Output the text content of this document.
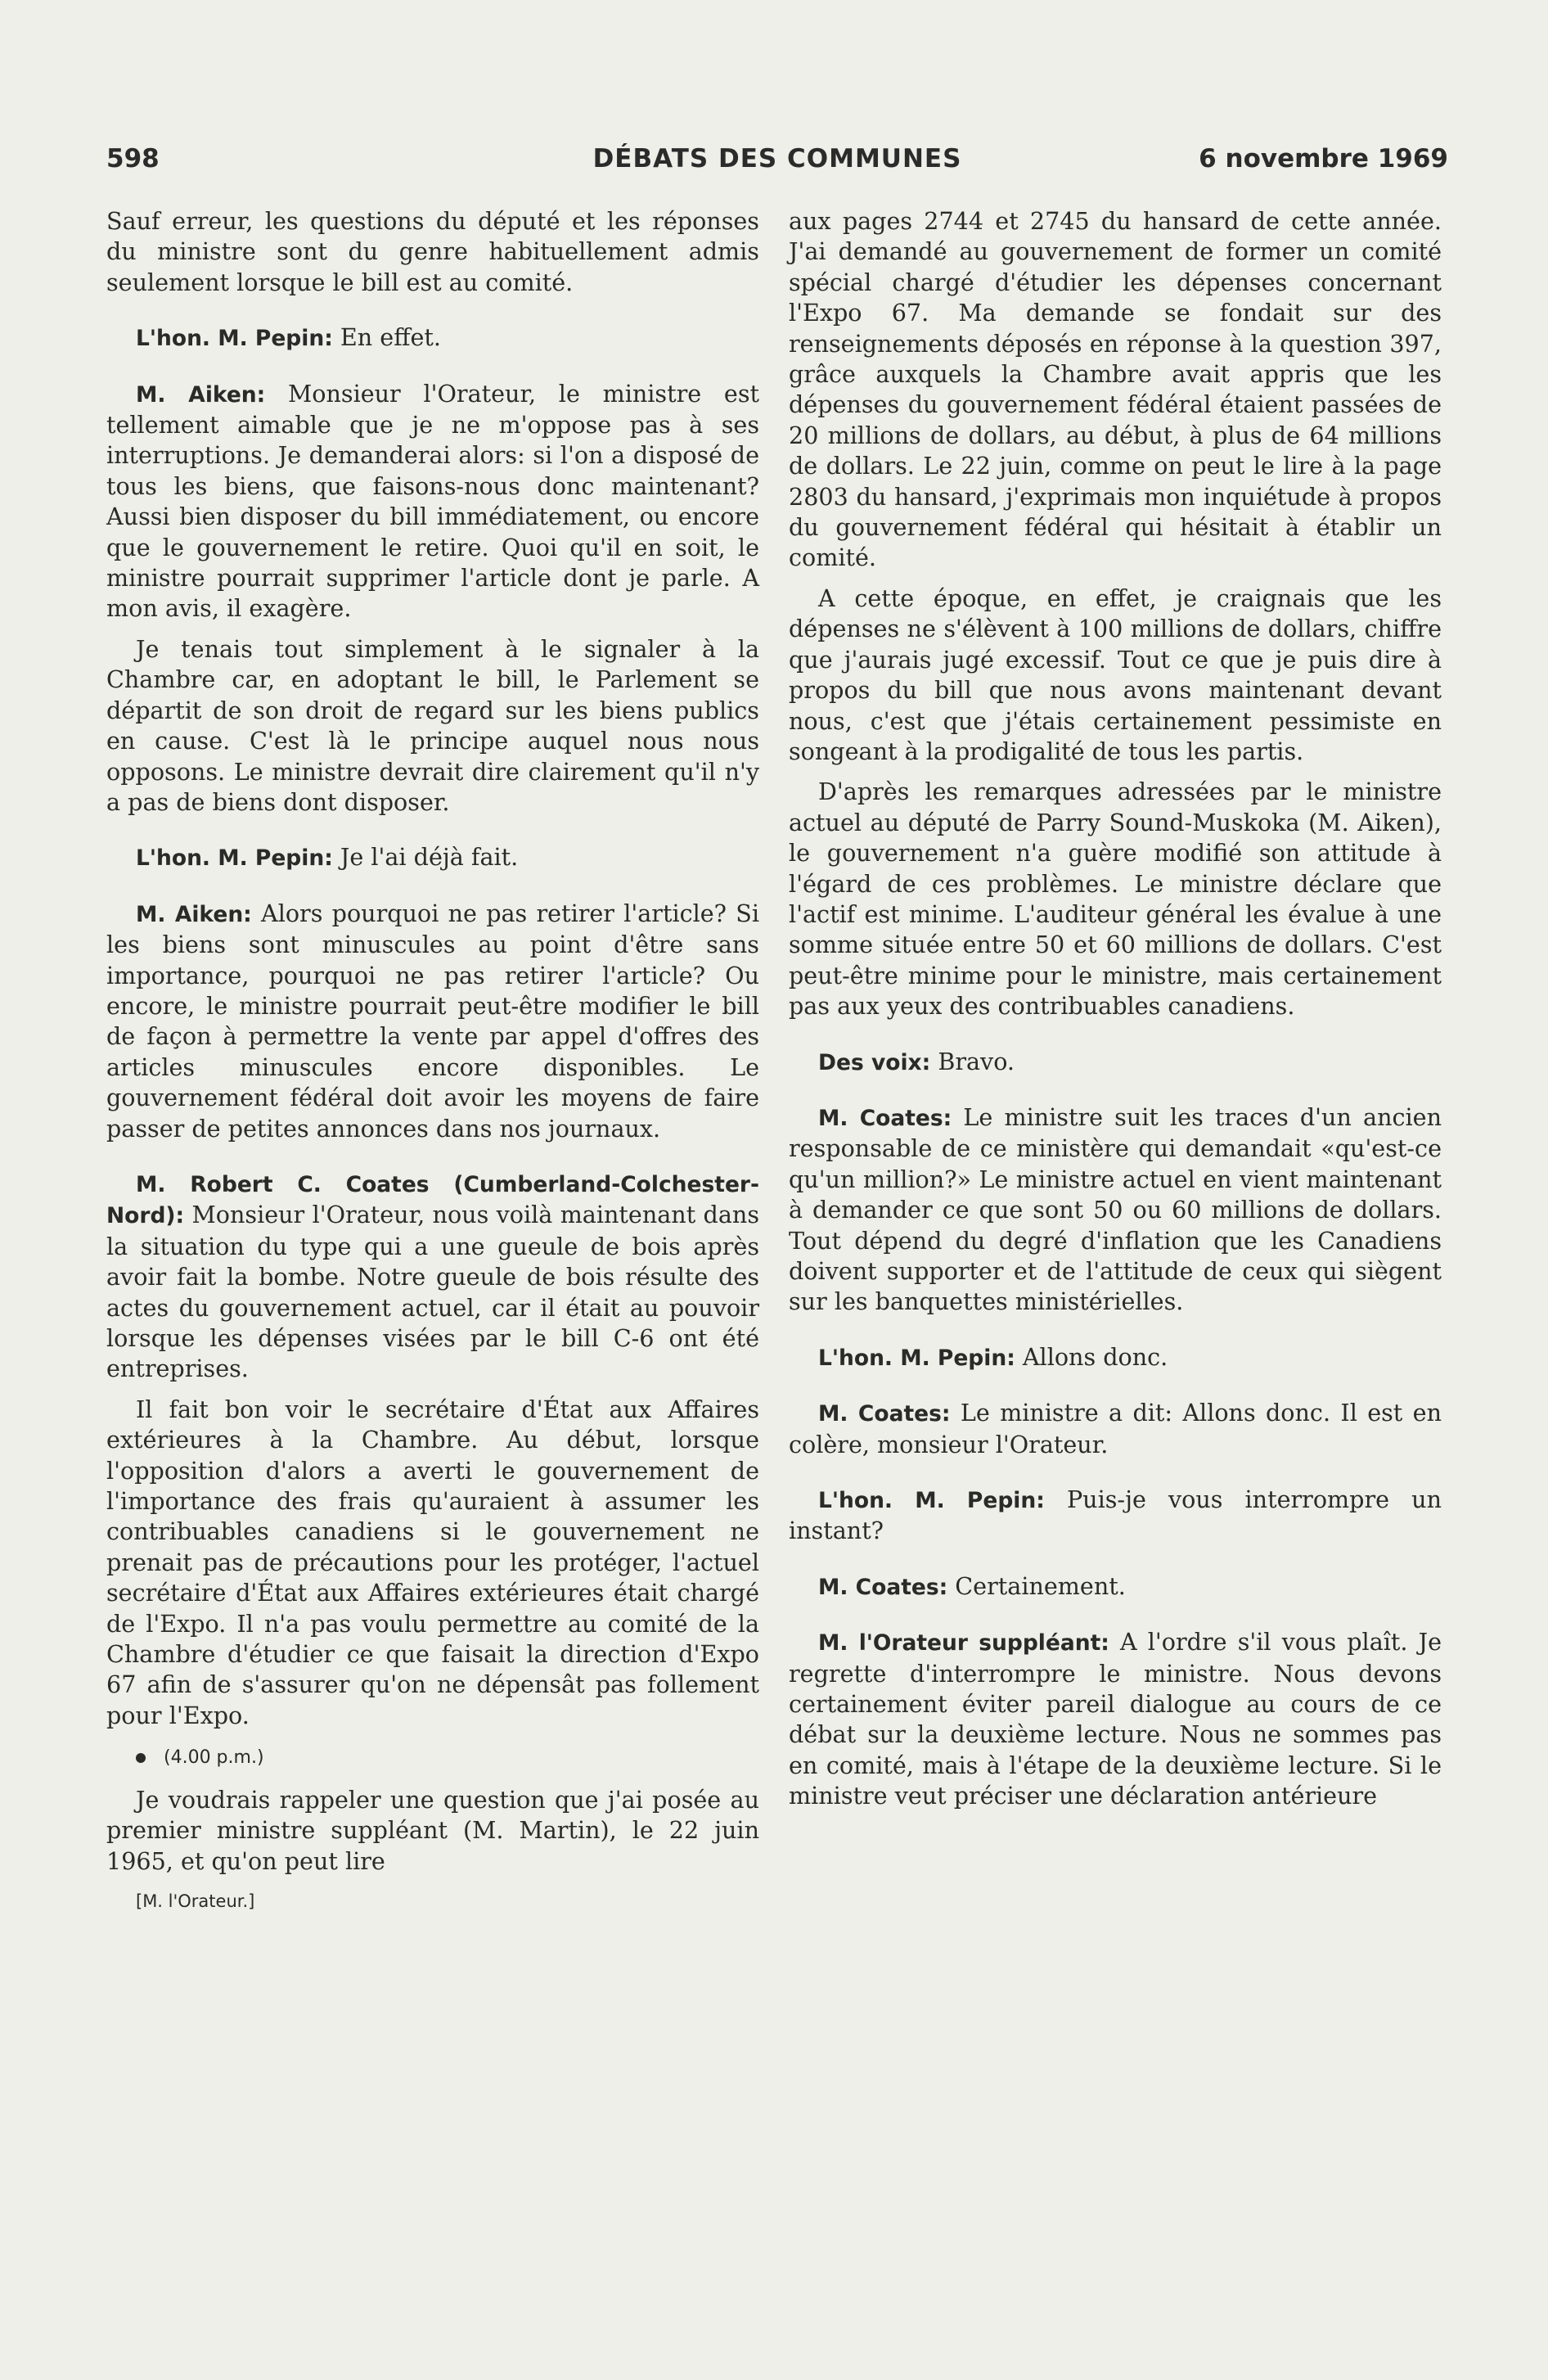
598	DÉBATS DES COMMUNES	6 novembre 1969

Sauf erreur, les questions du député et les réponses du ministre sont du genre habituellement admis seulement lorsque le bill est au comité.

L'hon. M. Pepin: En effet.

M. Aiken: Monsieur l'Orateur, le ministre est tellement aimable que je ne m'oppose pas à ses interruptions. Je demanderai alors: si l'on a disposé de tous les biens, que faisons-nous donc maintenant? Aussi bien disposer du bill immédiatement, ou encore que le gouvernement le retire. Quoi qu'il en soit, le ministre pourrait supprimer l'article dont je parle. A mon avis, il exagère.

Je tenais tout simplement à le signaler à la Chambre car, en adoptant le bill, le Parlement se départit de son droit de regard sur les biens publics en cause. C'est là le principe auquel nous nous opposons. Le ministre devrait dire clairement qu'il n'y a pas de biens dont disposer.

L'hon. M. Pepin: Je l'ai déjà fait.

M. Aiken: Alors pourquoi ne pas retirer l'article? Si les biens sont minuscules au point d'être sans importance, pourquoi ne pas retirer l'article? Ou encore, le ministre pourrait peut-être modifier le bill de façon à permettre la vente par appel d'offres des articles minuscules encore disponibles. Le gouvernement fédéral doit avoir les moyens de faire passer de petites annonces dans nos journaux.

M. Robert C. Coates (Cumberland-Colchester-Nord): Monsieur l'Orateur, nous voilà maintenant dans la situation du type qui a une gueule de bois après avoir fait la bombe. Notre gueule de bois résulte des actes du gouvernement actuel, car il était au pouvoir lorsque les dépenses visées par le bill C-6 ont été entreprises.

Il fait bon voir le secrétaire d'État aux Affaires extérieures à la Chambre. Au début, lorsque l'opposition d'alors a averti le gouvernement de l'importance des frais qu'auraient à assumer les contribuables canadiens si le gouvernement ne prenait pas de précautions pour les protéger, l'actuel secrétaire d'État aux Affaires extérieures était chargé de l'Expo. Il n'a pas voulu permettre au comité de la Chambre d'étudier ce que faisait la direction d'Expo 67 afin de s'assurer qu'on ne dépensât pas follement pour l'Expo.

(4.00 p.m.)

Je voudrais rappeler une question que j'ai posée au premier ministre suppléant (M. Martin), le 22 juin 1965, et qu'on peut lire

[M. l'Orateur.]

aux pages 2744 et 2745 du hansard de cette année. J'ai demandé au gouvernement de former un comité spécial chargé d'étudier les dépenses concernant l'Expo 67. Ma demande se fondait sur des renseignements déposés en réponse à la question 397, grâce auxquels la Chambre avait appris que les dépenses du gouvernement fédéral étaient passées de 20 millions de dollars, au début, à plus de 64 millions de dollars. Le 22 juin, comme on peut le lire à la page 2803 du hansard, j'exprimais mon inquiétude à propos du gouvernement fédéral qui hésitait à établir un comité.

A cette époque, en effet, je craignais que les dépenses ne s'élèvent à 100 millions de dollars, chiffre que j'aurais jugé excessif. Tout ce que je puis dire à propos du bill que nous avons maintenant devant nous, c'est que j'étais certainement pessimiste en songeant à la prodigalité de tous les partis.

D'après les remarques adressées par le ministre actuel au député de Parry Sound-Muskoka (M. Aiken), le gouvernement n'a guère modifié son attitude à l'égard de ces problèmes. Le ministre déclare que l'actif est minime. L'auditeur général les évalue à une somme située entre 50 et 60 millions de dollars. C'est peut-être minime pour le ministre, mais certainement pas aux yeux des contribuables canadiens.

Des voix: Bravo.

M. Coates: Le ministre suit les traces d'un ancien responsable de ce ministère qui demandait «qu'est-ce qu'un million?» Le ministre actuel en vient maintenant à demander ce que sont 50 ou 60 millions de dollars. Tout dépend du degré d'inflation que les Canadiens doivent supporter et de l'attitude de ceux qui siègent sur les banquettes ministérielles.

L'hon. M. Pepin: Allons donc.

M. Coates: Le ministre a dit: Allons donc. Il est en colère, monsieur l'Orateur.

L'hon. M. Pepin: Puis-je vous interrompre un instant?

M. Coates: Certainement.

M. l'Orateur suppléant: A l'ordre s'il vous plaît. Je regrette d'interrompre le ministre. Nous devons certainement éviter pareil dialogue au cours de ce débat sur la deuxième lecture. Nous ne sommes pas en comité, mais à l'étape de la deuxième lecture. Si le ministre veut préciser une déclaration antérieure
